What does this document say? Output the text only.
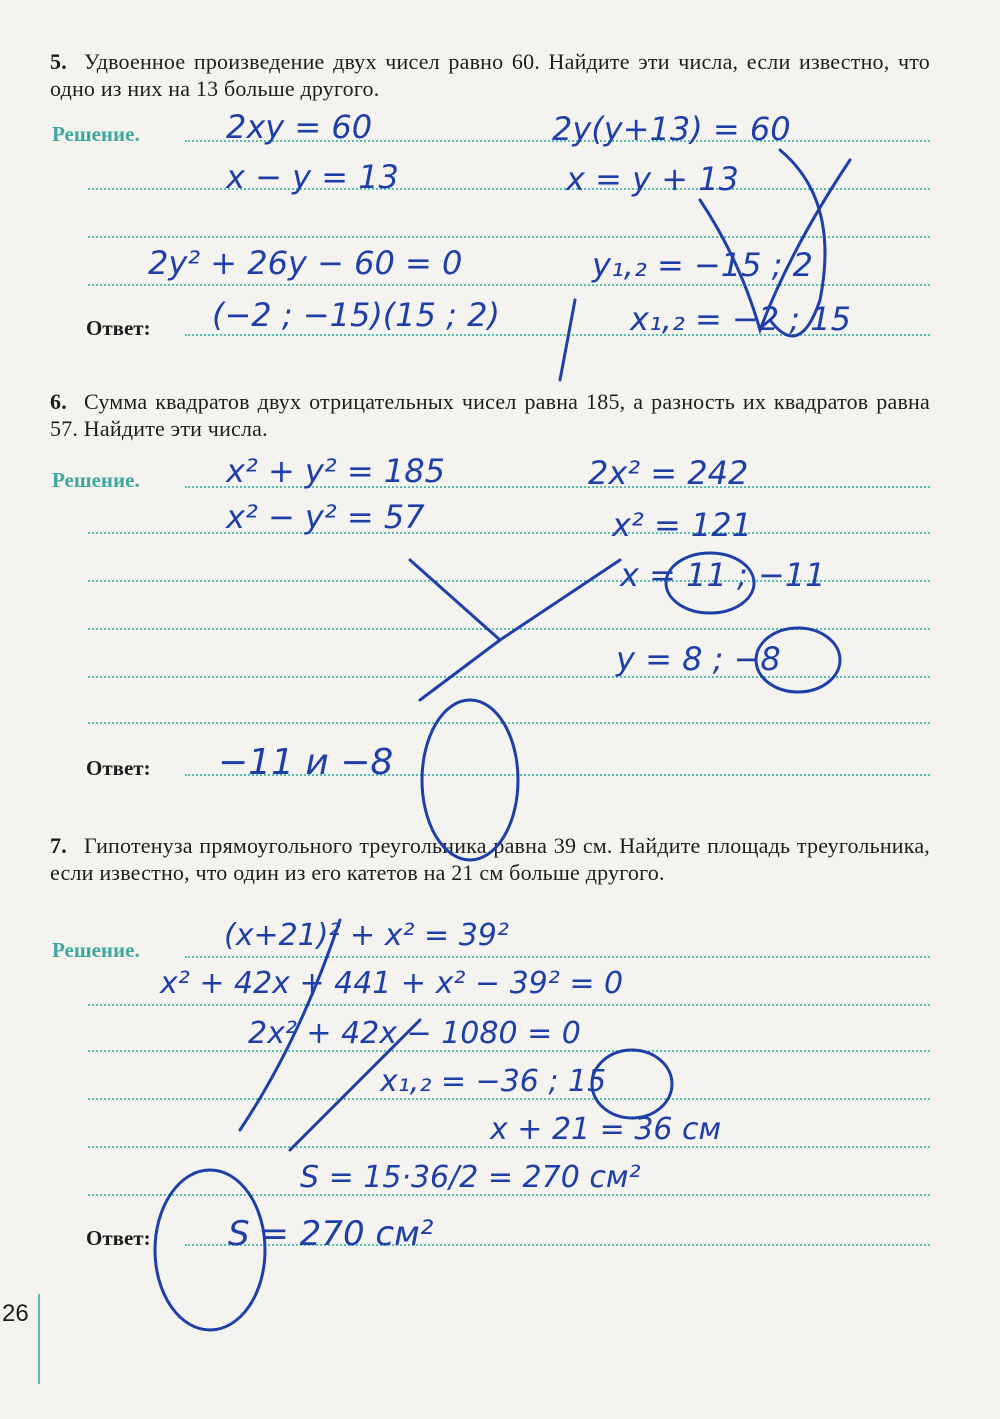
5. Удвоенное произведение двух чисел равно 60. Найдите эти числа, если известно, что одно из них на 13 больше другого.
Решение.
Ответ:
2xy = 60
x − y = 13
2y(y+13) = 60
x = y + 13
2y² + 26y − 60 = 0	y₁,₂ = −15 ; 2
(−2 ; −15)(15 ; 2)	x₁,₂ = −2 ; 15
6. Сумма квадратов двух отрицательных чисел равна 185, а разность их квадратов равна 57. Найдите эти числа.
Решение.
Ответ:
x² + y² = 185
x² − y² = 57
2x² = 242
x² = 121
x = 11 ; −11
y = 8 ; −8
−11 и −8
7. Гипотенуза прямоугольного треугольника равна 39 см. Найдите площадь треугольника, если известно, что один из его катетов на 21 см больше другого.
Решение.
Ответ:
(x+21)² + x² = 39²
x² + 42x + 441 + x² − 39² = 0
2x² + 42x − 1080 = 0
x₁,₂ = −36 ; 15
x + 21 = 36 см
S = 15·36/2 = 270 см²
S = 270 см²
26
